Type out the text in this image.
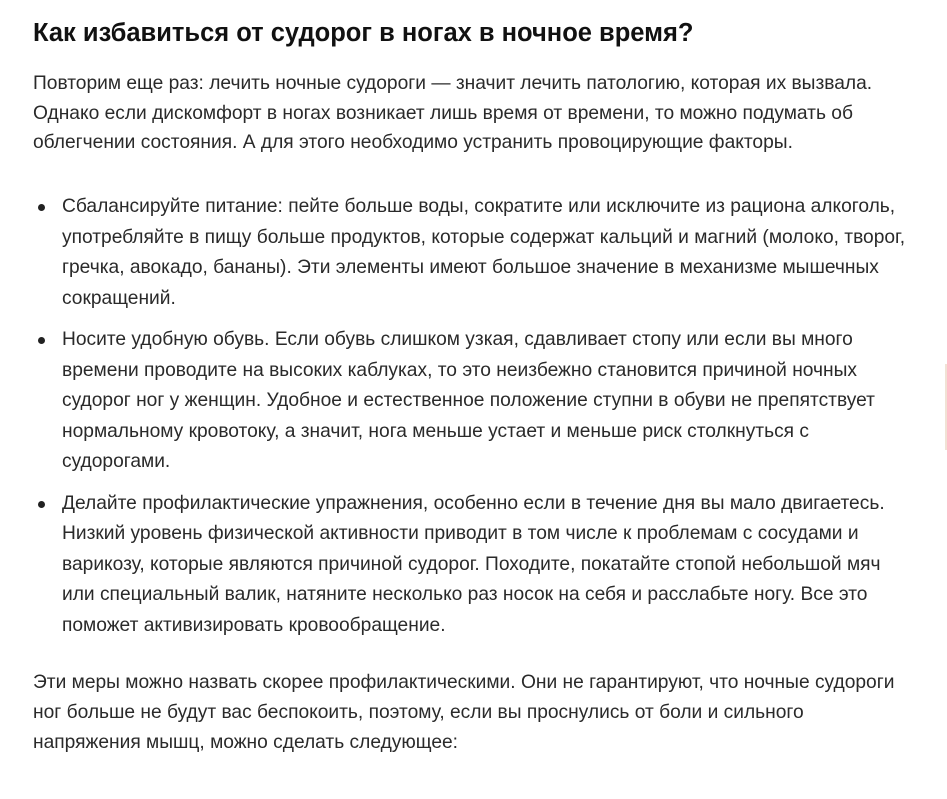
Как избавиться от судорог в ногах в ночное время?

Повторим еще раз: лечить ночные судороги — значит лечить патологию, которая их вызвала. Однако если дискомфорт в ногах возникает лишь время от времени, то можно подумать об облегчении состояния. А для этого необходимо устранить провоцирующие факторы.

Сбалансируйте питание: пейте больше воды, сократите или исключите из рациона алкоголь, употребляйте в пищу больше продуктов, которые содержат кальций и магний (молоко, творог, гречка, авокадо, бананы). Эти элементы имеют большое значение в механизме мышечных сокращений.
Носите удобную обувь. Если обувь слишком узкая, сдавливает стопу или если вы много времени проводите на высоких каблуках, то это неизбежно становится причиной ночных судорог ног у женщин. Удобное и естественное положение ступни в обуви не препятствует нормальному кровотоку, а значит, нога меньше устает и меньше риск столкнуться с судорогами.
Делайте профилактические упражнения, особенно если в течение дня вы мало двигаетесь. Низкий уровень физической активности приводит в том числе к проблемам с сосудами и варикозу, которые являются причиной судорог. Походите, покатайте стопой небольшой мяч или специальный валик, натяните несколько раз носок на себя и расслабьте ногу. Все это поможет активизировать кровообращение.

Эти меры можно назвать скорее профилактическими. Они не гарантируют, что ночные судороги ног больше не будут вас беспокоить, поэтому, если вы проснулись от боли и сильного напряжения мышц, можно сделать следующее:
